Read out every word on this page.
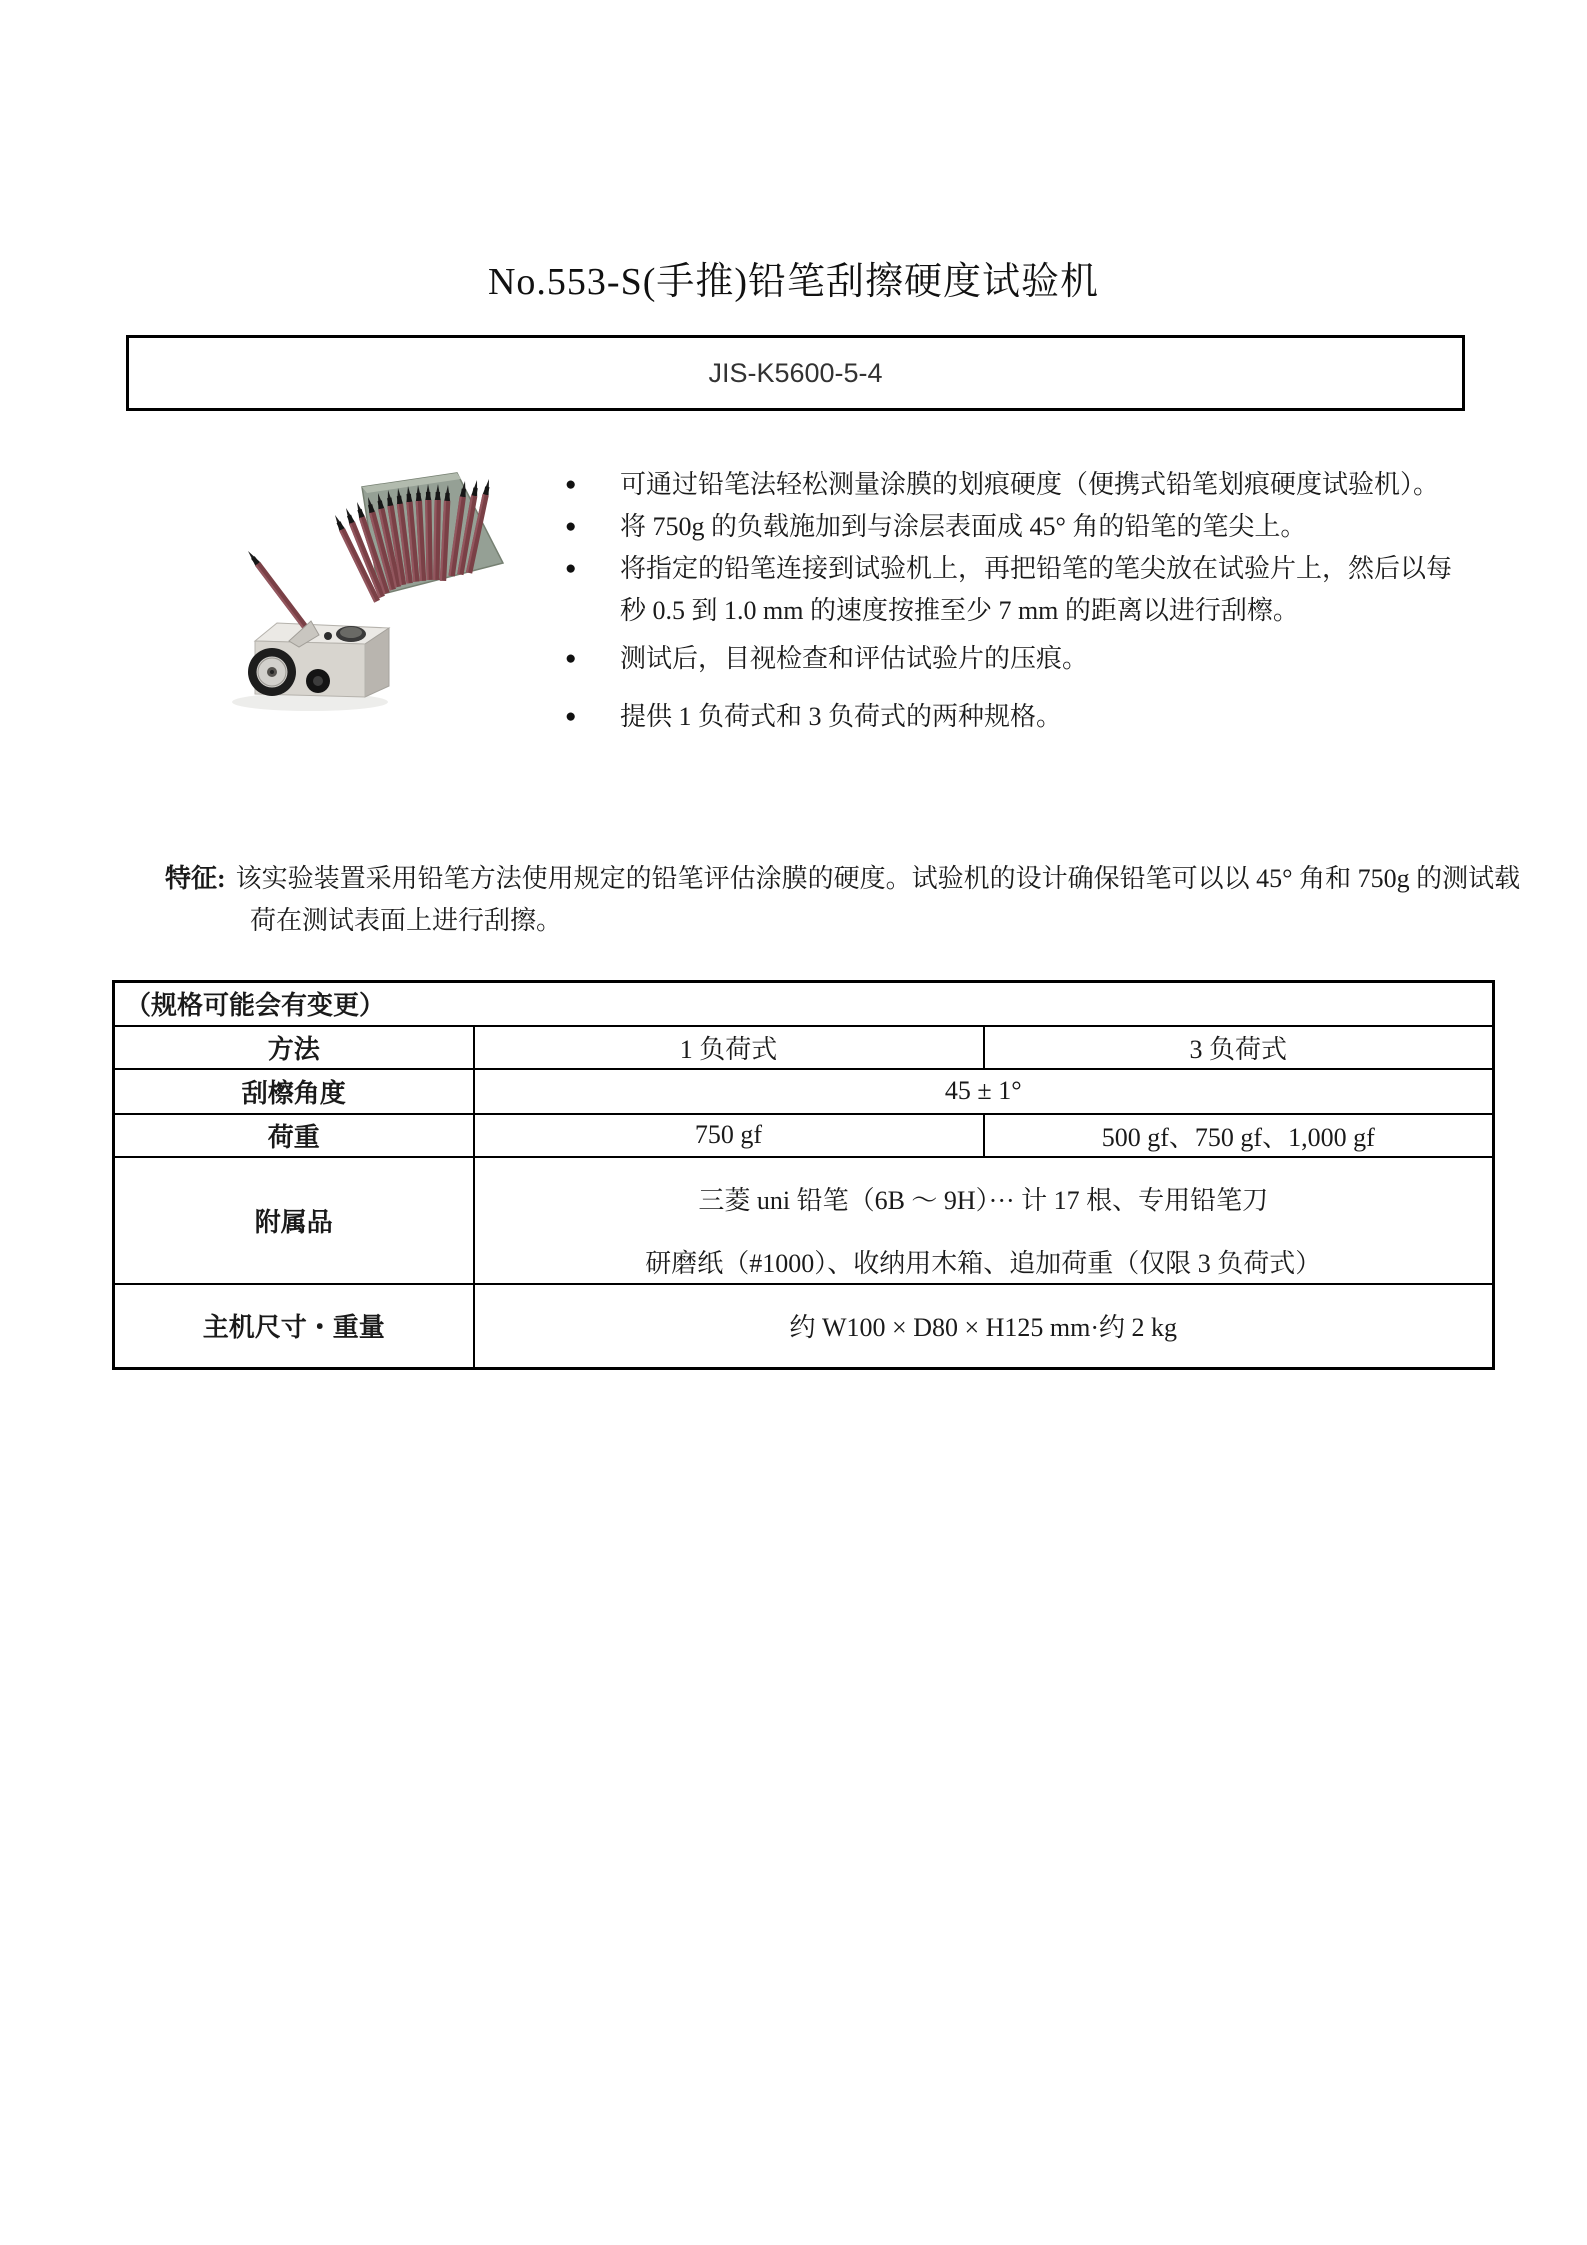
No.553-S(手推)铅笔刮擦硬度试验机
JIS-K5600-5-4
●	可通过铅笔法轻松测量涂膜的划痕硬度（便携式铅笔划痕硬度试验机）。
●	将 750g 的负载施加到与涂层表面成 45° 角的铅笔的笔尖上。
●	将指定的铅笔连接到试验机上，再把铅笔的笔尖放在试验片上，然后以每秒 0.5 到 1.0 mm 的速度按推至少 7 mm 的距离以进行刮檫。
●	测试后，目视检查和评估试验片的压痕。
●	提供 1 负荷式和 3 负荷式的两种规格。
特征: 该实验装置采用铅笔方法使用规定的铅笔评估涂膜的硬度。试验机的设计确保铅笔可以以 45° 角和 750g 的测试载荷在测试表面上进行刮擦。
（规格可能会有变更）		
方法	1 负荷式	3 负荷式
刮檫角度	45 ± 1°	
荷重	750 gf	500 gf、750 gf、1,000 gf
附属品	三菱 uni 铅笔（6B ～ 9H）··· 计 17 根、专用铅笔刀
研磨纸（#1000）、收纳用木箱、追加荷重（仅限 3 负荷式）	

主机尺寸・重量	约 W100 × D80 × H125 mm·约 2 kg	
